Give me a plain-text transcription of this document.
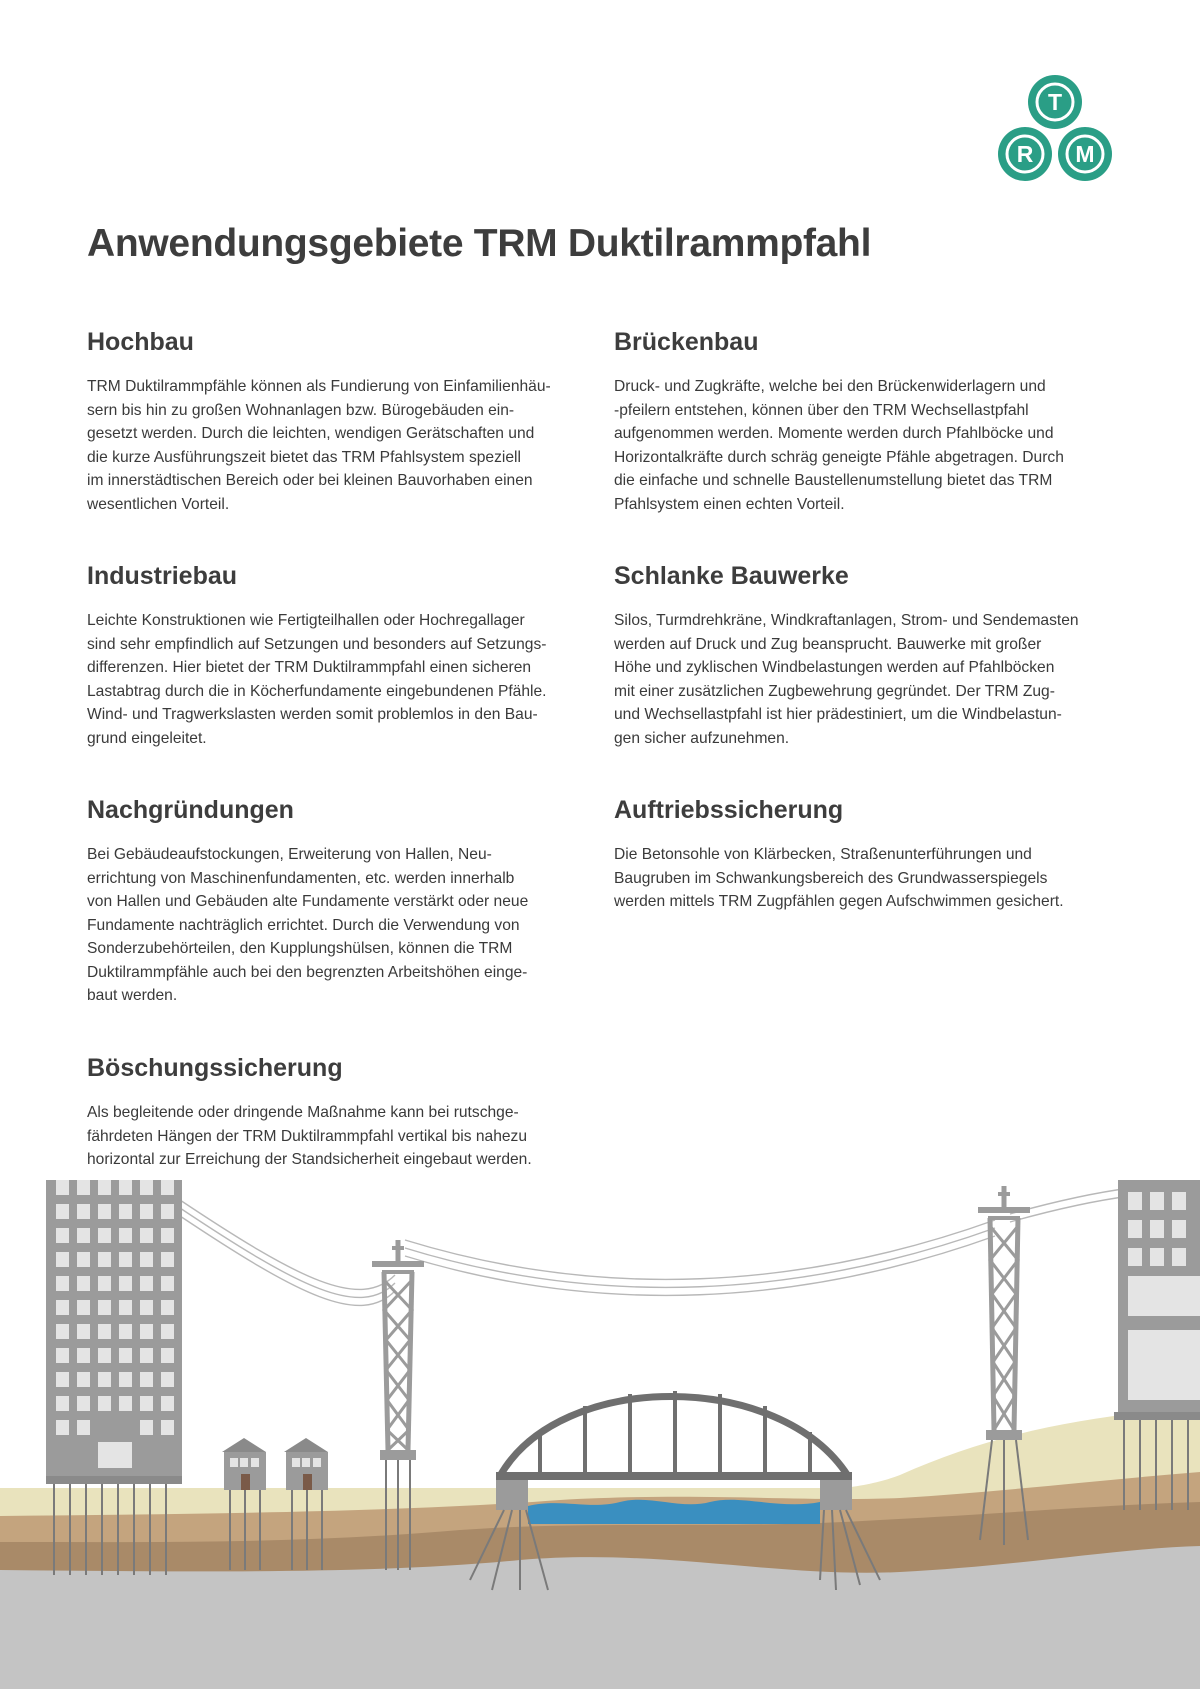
T
R M
Anwendungsgebiete TRM Duktilrammpfahl
Hochbau

TRM Duktilrammpfähle können als Fundierung von Einfamilienhäu-
sern bis hin zu großen Wohnanlagen bzw. Bürogebäuden ein-
gesetzt werden. Durch die leichten, wendigen Gerätschaften und
die kurze Ausführungszeit bietet das TRM Pfahlsystem speziell
im innerstädtischen Bereich oder bei kleinen Bauvorhaben einen
wesentlichen Vorteil.

Brückenbau

Druck- und Zugkräfte, welche bei den Brückenwiderlagern und
-pfeilern entstehen, können über den TRM Wechsellastpfahl
aufgenommen werden. Momente werden durch Pfahlböcke und
Horizontalkräfte durch schräg geneigte Pfähle abgetragen. Durch
die einfache und schnelle Baustellenumstellung bietet das TRM
Pfahlsystem einen echten Vorteil.

Industriebau

Leichte Konstruktionen wie Fertigteilhallen oder Hochregallager
sind sehr empfindlich auf Setzungen und besonders auf Setzungs-
differenzen. Hier bietet der TRM Duktilrammpfahl einen sicheren
Lastabtrag durch die in Köcherfundamente eingebundenen Pfähle.
Wind- und Tragwerkslasten werden somit problemlos in den Bau-
grund eingeleitet.

Schlanke Bauwerke

Silos, Turmdrehkräne, Windkraftanlagen, Strom- und Sendemasten
werden auf Druck und Zug beansprucht. Bauwerke mit großer
Höhe und zyklischen Windbelastungen werden auf Pfahlböcken
mit einer zusätzlichen Zugbewehrung gegründet. Der TRM Zug-
und Wechsellastpfahl ist hier prädestiniert, um die Windbelastun-
gen sicher aufzunehmen.

Nachgründungen

Bei Gebäudeaufstockungen, Erweiterung von Hallen, Neu-
errichtung von Maschinenfundamenten, etc. werden innerhalb
von Hallen und Gebäuden alte Fundamente verstärkt oder neue
Fundamente nachträglich errichtet. Durch die Verwendung von
Sonderzubehörteilen, den Kupplungshülsen, können die TRM
Duktilrammpfähle auch bei den begrenzten Arbeitshöhen einge-
baut werden.

Auftriebssicherung

Die Betonsohle von Klärbecken, Straßenunterführungen und
Baugruben im Schwankungsbereich des Grundwasserspiegels
werden mittels TRM Zugpfählen gegen Aufschwimmen gesichert.

Böschungssicherung

Als begleitende oder dringende Maßnahme kann bei rutschge-
fährdeten Hängen der TRM Duktilrammpfahl vertikal bis nahezu
horizontal zur Erreichung der Standsicherheit eingebaut werden.
